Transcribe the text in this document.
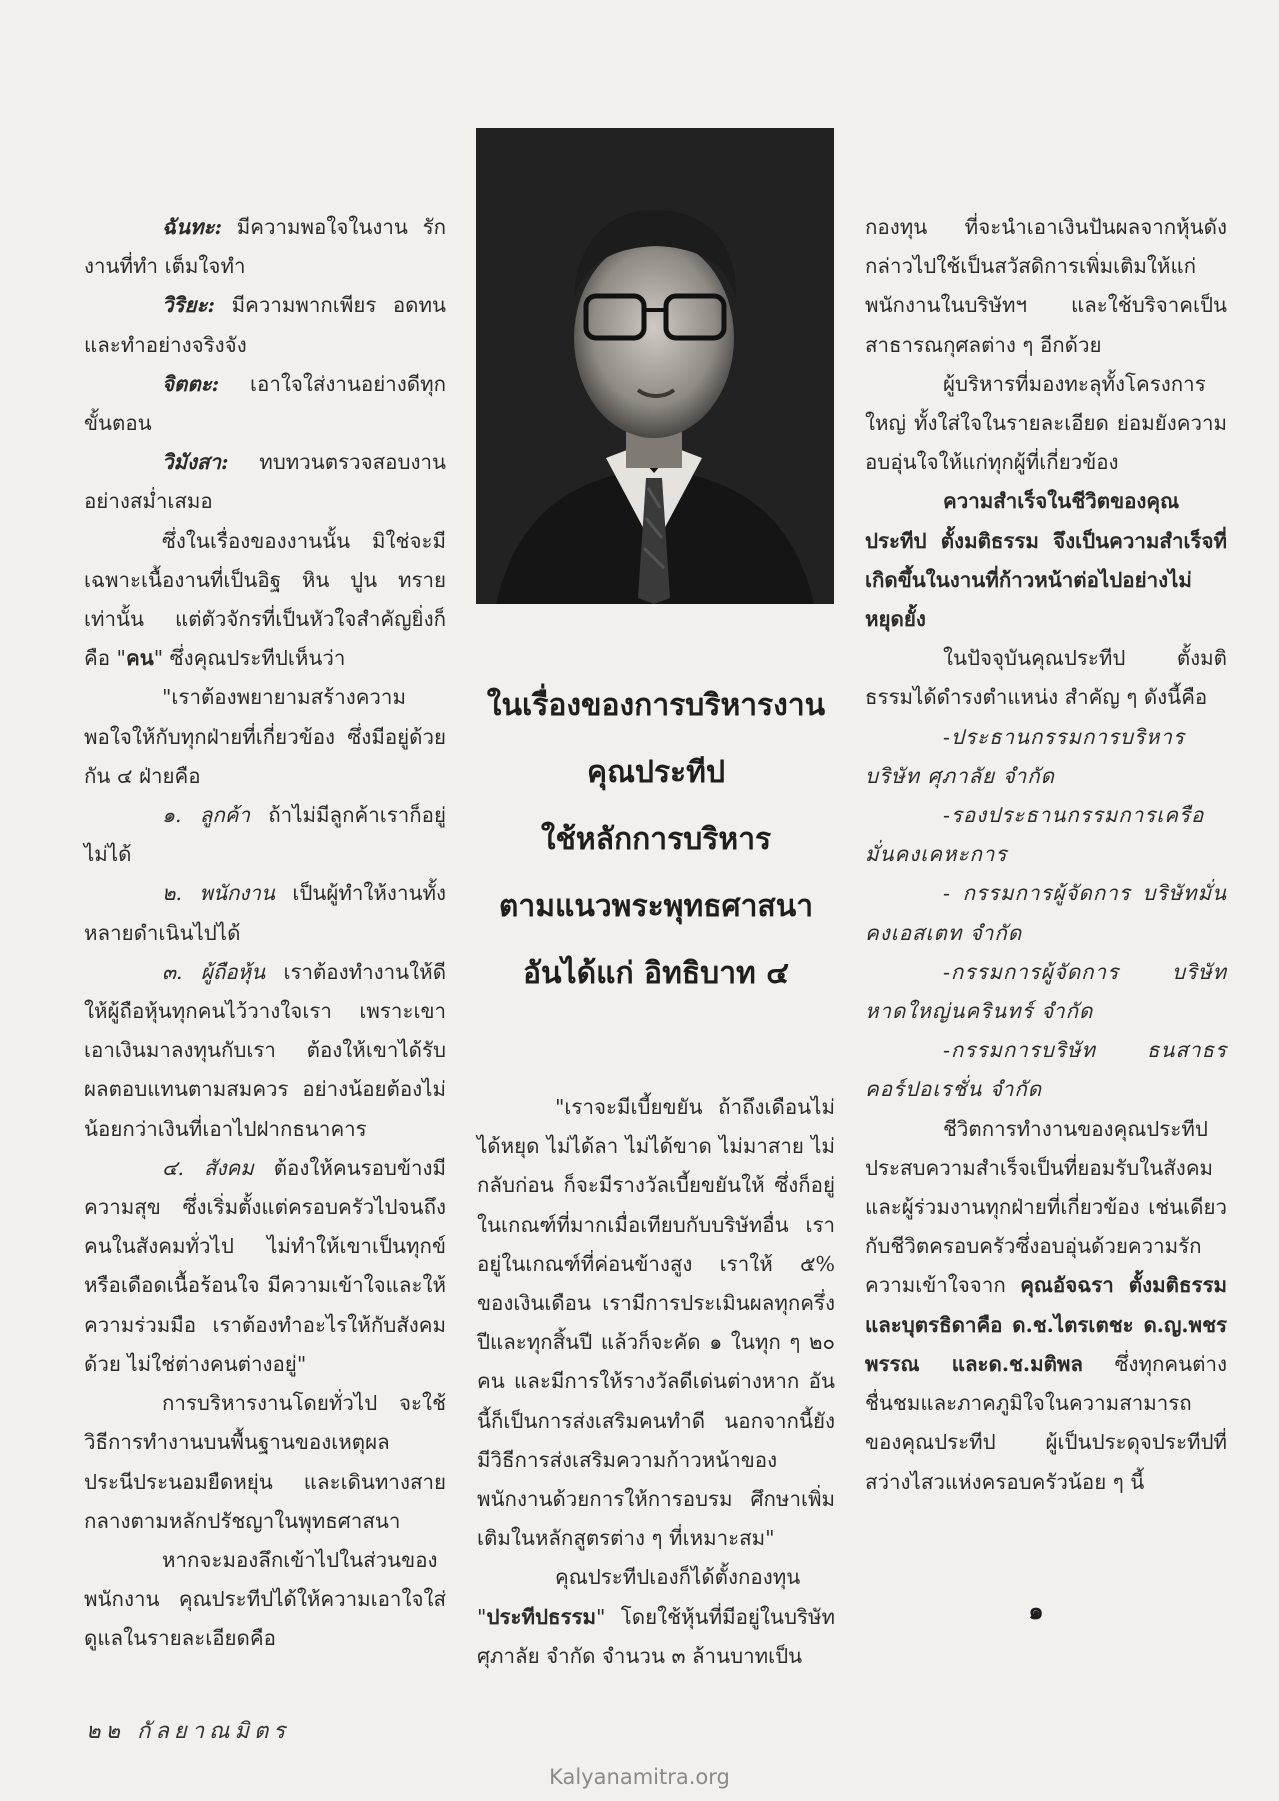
ฉันทะ: มีความพอใจในงาน รักงานที่ทำ เต็มใจทำ

วิริยะ: มีความพากเพียร อดทนและทำอย่างจริงจัง

จิตตะ: เอาใจใส่งานอย่างดีทุกขั้นตอน

วิมังสา: ทบทวนตรวจสอบงานอย่างสม่ำเสมอ

ซึ่งในเรื่องของงานนั้น มิใช่จะมีเฉพาะเนื้องานที่เป็นอิฐ หิน ปูน ทราย เท่านั้น แต่ตัวจักรที่เป็นหัวใจสำคัญยิ่งก็คือ "คน" ซึ่งคุณประทีปเห็นว่า

"เราต้องพยายามสร้างความพอใจให้กับทุกฝ่ายที่เกี่ยวข้อง ซึ่งมีอยู่ด้วยกัน ๔ ฝ่ายคือ

๑. ลูกค้า ถ้าไม่มีลูกค้าเราก็อยู่ไม่ได้

๒. พนักงาน เป็นผู้ทำให้งานทั้งหลายดำเนินไปได้

๓. ผู้ถือหุ้น เราต้องทำงานให้ดี ให้ผู้ถือหุ้นทุกคนไว้วางใจเรา เพราะเขาเอาเงินมาลงทุนกับเรา ต้องให้เขาได้รับผลตอบแทนตามสมควร อย่างน้อยต้องไม่น้อยกว่าเงินที่เอาไปฝากธนาคาร

๔. สังคม ต้องให้คนรอบข้างมีความสุข ซึ่งเริ่มตั้งแต่ครอบครัวไปจนถึงคนในสังคมทั่วไป ไม่ทำให้เขาเป็นทุกข์หรือเดือดเนื้อร้อนใจ มีความเข้าใจและให้ความร่วมมือ เราต้องทำอะไรให้กับสังคมด้วย ไม่ใช่ต่างคนต่างอยู่"

การบริหารงานโดยทั่วไป จะใช้วิธีการทำงานบนพื้นฐานของเหตุผล ประนีประนอมยืดหยุ่น และเดินทางสายกลางตามหลักปรัชญาในพุทธศาสนา

หากจะมองลึกเข้าไปในส่วนของพนักงาน คุณประทีปได้ให้ความเอาใจใส่ดูแลในรายละเอียดคือ

ในเรื่องของการบริหารงาน
คุณประทีป
ใช้หลักการบริหาร
ตามแนวพระพุทธศาสนา
อันได้แก่ อิทธิบาท ๔

"เราจะมีเบี้ยขยัน ถ้าถึงเดือนไม่ได้หยุด ไม่ได้ลา ไม่ได้ขาด ไม่มาสาย ไม่กลับก่อน ก็จะมีรางวัลเบี้ยขยันให้ ซึ่งก็อยู่ในเกณฑ์ที่มากเมื่อเทียบกับบริษัทอื่น เราอยู่ในเกณฑ์ที่ค่อนข้างสูง เราให้ ๕% ของเงินเดือน เรามีการประเมินผลทุกครึ่งปีและทุกสิ้นปี แล้วก็จะคัด ๑ ในทุก ๆ ๒๐ คน และมีการให้รางวัลดีเด่นต่างหาก อันนี้ก็เป็นการส่งเสริมคนทำดี นอกจากนี้ยังมีวิธีการส่งเสริมความก้าวหน้าของพนักงานด้วยการให้การอบรม ศึกษาเพิ่มเติมในหลักสูตรต่าง ๆ ที่เหมาะสม"

คุณประทีปเองก็ได้ตั้งกองทุน "ประทีปธรรม" โดยใช้หุ้นที่มีอยู่ในบริษัท ศุภาลัย จำกัด จำนวน ๓ ล้านบาทเป็น

กองทุน ที่จะนำเอาเงินปันผลจากหุ้นดังกล่าวไปใช้เป็นสวัสดิการเพิ่มเติมให้แก่พนักงานในบริษัทฯ และใช้บริจาคเป็นสาธารณกุศลต่าง ๆ อีกด้วย

ผู้บริหารที่มองทะลุทั้งโครงการใหญ่ ทั้งใส่ใจในรายละเอียด ย่อมยังความอบอุ่นใจให้แก่ทุกผู้ที่เกี่ยวข้อง

ความสำเร็จในชีวิตของคุณประทีป ตั้งมติธรรม จึงเป็นความสำเร็จที่เกิดขึ้นในงานที่ก้าวหน้าต่อไปอย่างไม่หยุดยั้ง

ในปัจจุบันคุณประทีป ตั้งมติธรรมได้ดำรงตำแหน่ง สำคัญ ๆ ดังนี้คือ

-ประธานกรรมการบริหาร บริษัท ศุภาลัย จำกัด

-รองประธานกรรมการเครือมั่นคงเคหะการ

- กรรมการผู้จัดการ บริษัทมั่นคงเอสเตท จำกัด

-กรรมการผู้จัดการ บริษัท หาดใหญ่นครินทร์ จำกัด

-กรรมการบริษัท ธนสาธร คอร์ปอเรชั่น จำกัด

ชีวิตการทำงานของคุณประทีปประสบความสำเร็จเป็นที่ยอมรับในสังคมและผู้ร่วมงานทุกฝ่ายที่เกี่ยวข้อง เช่นเดียวกับชีวิตครอบครัวซึ่งอบอุ่นด้วยความรักความเข้าใจจาก คุณอัจฉรา ตั้งมติธรรม และบุตรธิดาคือ ด.ช.ไตรเตชะ ด.ญ.พชรพรรณ และด.ช.มติพล ซึ่งทุกคนต่างชื่นชมและภาคภูมิใจในความสามารถของคุณประทีป ผู้เป็นประดุจประทีปที่สว่างไสวแห่งครอบครัวน้อย ๆ นี้

๑
๒๒ กัลยาณมิตร
Kalyanamitra.org
